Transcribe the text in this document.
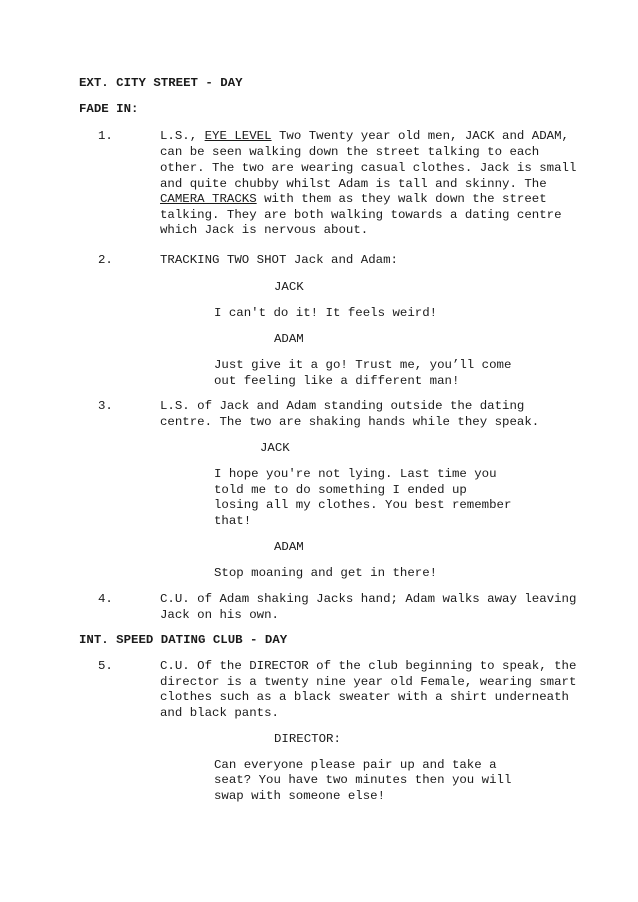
EXT. CITY STREET - DAY
FADE IN:
1.	L.S., EYE LEVEL Two Twenty year old men, JACK and ADAM,
can be seen walking down the street talking to each
other. The two are wearing casual clothes. Jack is small
and quite chubby whilst Adam is tall and skinny. The
CAMERA TRACKS with them as they walk down the street
talking. They are both walking towards a dating centre
which Jack is nervous about.
2.	TRACKING TWO SHOT Jack and Adam:
JACK
I can't do it! It feels weird!
ADAM
Just give it a go! Trust me, you’ll come
out feeling like a different man!
3.	L.S. of Jack and Adam standing outside the dating
centre. The two are shaking hands while they speak.
JACK
I hope you're not lying. Last time you
told me to do something I ended up
losing all my clothes. You best remember
that!
ADAM
Stop moaning and get in there!
4.	C.U. of Adam shaking Jacks hand; Adam walks away leaving
Jack on his own.
INT. SPEED DATING CLUB - DAY
5.	C.U. Of the DIRECTOR of the club beginning to speak, the
director is a twenty nine year old Female, wearing smart
clothes such as a black sweater with a shirt underneath
and black pants.
DIRECTOR:
Can everyone please pair up and take a
seat? You have two minutes then you will
swap with someone else!
